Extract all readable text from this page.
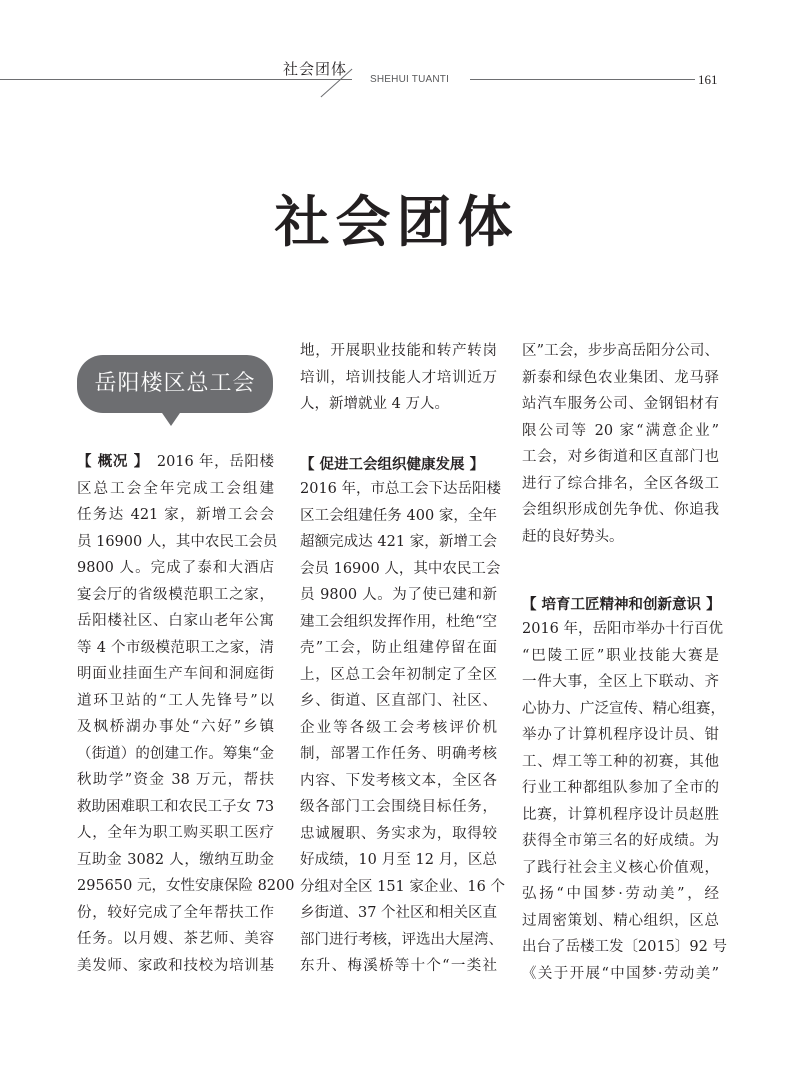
社会团体
SHEHUI TUANTI	161
社会团体
岳阳楼区总工会
【 概况 】 2016 年，岳阳楼
区总工会全年完成工会组建
任务达 421 家，新增工会会
员 16900 人，其中农民工会员
9800 人。完成了泰和大酒店
宴会厅的省级模范职工之家，
岳阳楼社区、白家山老年公寓
等 4 个市级模范职工之家，清
明面业挂面生产车间和洞庭街
道环卫站的“工人先锋号”以
及枫桥湖办事处“六好”乡镇
（街道）的创建工作。筹集“金
秋助学”资金 38 万元，帮扶
救助困难职工和农民工子女 73
人，全年为职工购买职工医疗
互助金 3082 人，缴纳互助金
295650 元，女性安康保险 8200
份，较好完成了全年帮扶工作
任务。以月嫂、茶艺师、美容
美发师、家政和技校为培训基
地，开展职业技能和转产转岗
培训，培训技能人才培训近万
人，新增就业 4 万人。
【 促进工会组织健康发展 】
2016 年，市总工会下达岳阳楼
区工会组建任务 400 家，全年
超额完成达 421 家，新增工会
会员 16900 人，其中农民工会
员 9800 人。为了使已建和新
建工会组织发挥作用，杜绝“空
壳”工会，防止组建停留在面
上，区总工会年初制定了全区
乡、街道、区直部门、社区、
企业等各级工会考核评价机
制，部署工作任务、明确考核
内容、下发考核文本，全区各
级各部门工会围绕目标任务，
忠诚履职、务实求为，取得较
好成绩，10 月至 12 月，区总
分组对全区 151 家企业、16 个
乡街道、37 个社区和相关区直
部门进行考核，评选出大屋湾、
东升、梅溪桥等十个“一类社
区”工会，步步高岳阳分公司、
新泰和绿色农业集团、龙马驿
站汽车服务公司、金钢铝材有
限公司等 20 家“满意企业”
工会，对乡街道和区直部门也
进行了综合排名，全区各级工
会组织形成创先争优、你追我
赶的良好势头。
【 培育工匠精神和创新意识 】
2016 年，岳阳市举办十行百优
“巴陵工匠”职业技能大赛是
一件大事，全区上下联动、齐
心协力、广泛宣传、精心组赛，
举办了计算机程序设计员、钳
工、焊工等工种的初赛，其他
行业工种都组队参加了全市的
比赛，计算机程序设计员赵胜
获得全市第三名的好成绩。为
了践行社会主义核心价值观，
弘扬“中国梦·劳动美”，经
过周密策划、精心组织，区总
出台了岳楼工发〔2015〕92 号
《关于开展“中国梦·劳动美”
